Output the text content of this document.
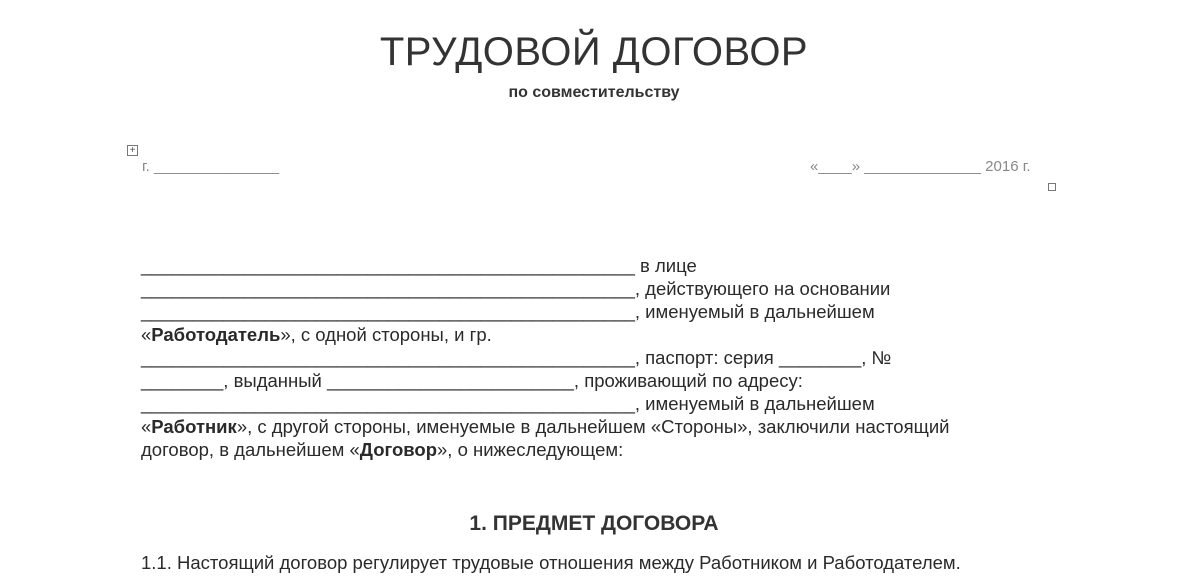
ТРУДОВОЙ ДОГОВОР
по совместительству
+
г. _______________	«____» ______________ 2016 г.
________________________________________________ в лице
________________________________________________, действующего на основании
________________________________________________, именуемый в дальнейшем
«Работодатель», с одной стороны, и гр.
________________________________________________, паспорт: серия ________, №
________, выданный ________________________, проживающий по адресу:
________________________________________________, именуемый в дальнейшем
«Работник», с другой стороны, именуемые в дальнейшем «Стороны», заключили настоящий
договор, в дальнейшем «Договор», о нижеследующем:
1. ПРЕДМЕТ ДОГОВОРА
1.1. Настоящий договор регулирует трудовые отношения между Работником и Работодателем.
